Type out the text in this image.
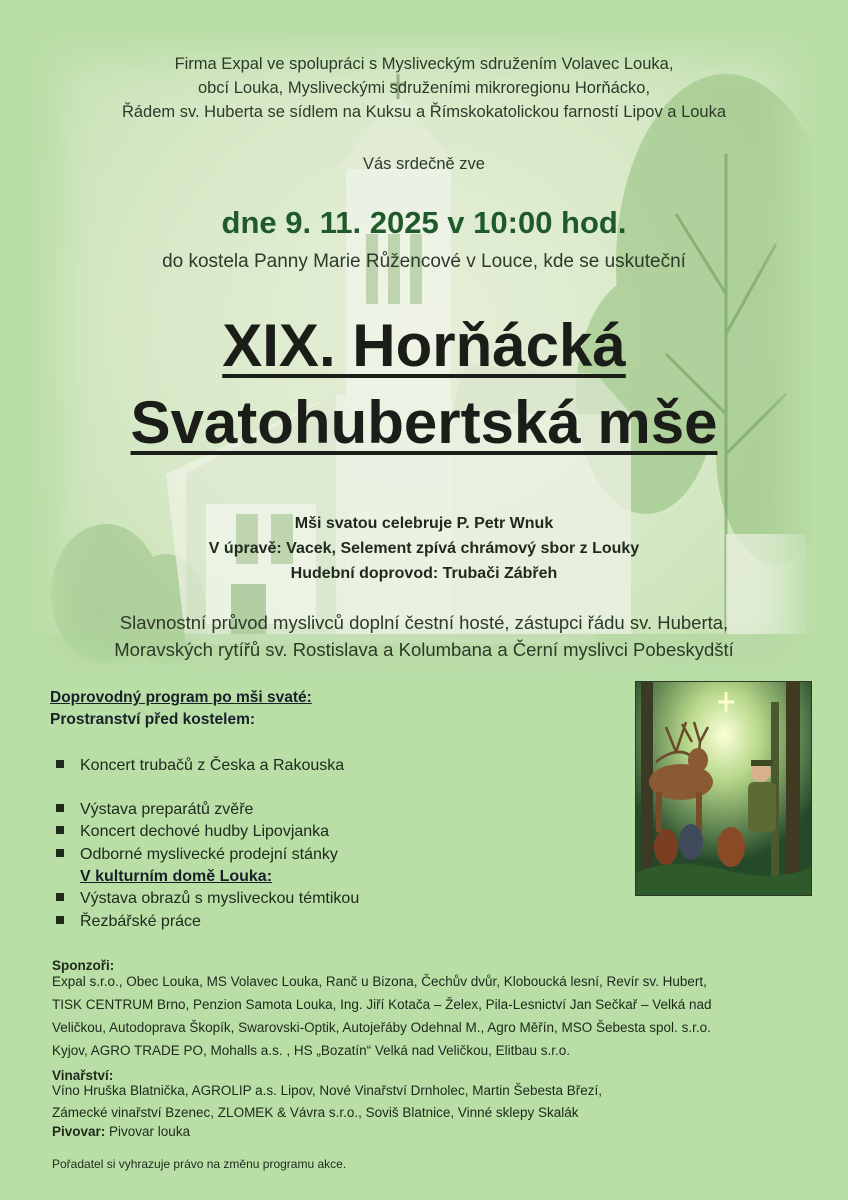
Firma Expal ve spolupráci s Mysliveckým sdružením Volavec Louka,
obcí Louka, Mysliveckými sdruženími mikroregionu Horňácko,
Řádem sv. Huberta se sídlem na Kuksu a Římskokatolickou farností Lipov a Louka
Vás srdečně zve
dne 9. 11. 2025 v 10:00 hod.
do kostela Panny Marie Růžencové v Louce, kde se uskuteční
XIX. Horňácká
Svatohubertská mše
Mši svatou celebruje P. Petr Wnuk
V úpravě: Vacek, Selement zpívá chrámový sbor z Louky
Hudební doprovod: Trubači Zábřeh
Slavnostní průvod myslivců doplní čestní hosté, zástupci řádu sv. Huberta,
Moravských rytířů sv. Rostislava a Kolumbana a Černí myslivci Pobeskydští
Doprovodný program po mši svaté:
Prostranství před kostelem:
Koncert trubačů z Česka a Rakouska
Výstava preparátů zvěře
Koncert dechové hudby Lipovjanka
Odborné myslivecké prodejní stánky
V kulturním domě Louka:
Výstava obrazů s mysliveckou témtikou
Řezbářské práce
Sponzoři:
Expal s.r.o., Obec Louka, MS Volavec Louka, Ranč u Bizona, Čechův dvůr, Kloboucká lesní, Revír sv. Hubert,
TISK CENTRUM Brno, Penzion Samota Louka, Ing. Jiří Kotača – Želex, Pila-Lesnictví Jan Sečkař – Velká nad
Veličkou, Autodoprava Škopík, Swarovski-Optik, Autojeřáby Odehnal M., Agro Měřín, MSO Šebesta spol. s.r.o.
Kyjov, AGRO TRADE PO, Mohalls a.s. , HS „Bozatín“ Velká nad Veličkou, Elitbau s.r.o.
Vinařství:
Víno Hruška Blatnička, AGROLIP a.s. Lipov, Nové Vinařství Drnholec, Martin Šebesta Březí,
Zámecké vinařství Bzenec, ZLOMEK & Vávra s.r.o., Soviš Blatnice, Vinné sklepy Skalák
Pivovar: Pivovar louka
Pořadatel si vyhrazuje právo na změnu programu akce.
